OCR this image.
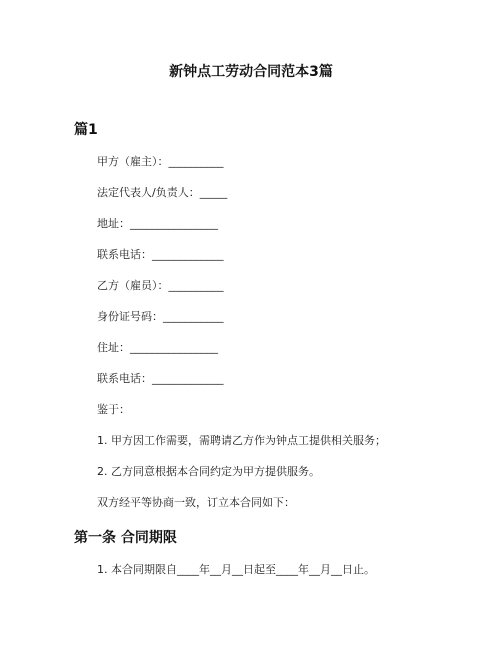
新钟点工劳动合同范本3篇
篇1
甲方（雇主）：__________
法定代表人/负责人：_____
地址：________________
联系电话：_____________
乙方（雇员）：__________
身份证号码：___________
住址：________________
联系电话：_____________
鉴于：
1. 甲方因工作需要，需聘请乙方作为钟点工提供相关服务；
2. 乙方同意根据本合同约定为甲方提供服务。
双方经平等协商一致，订立本合同如下：
第一条 合同期限
1. 本合同期限自____年__月__日起至____年__月__日止。
